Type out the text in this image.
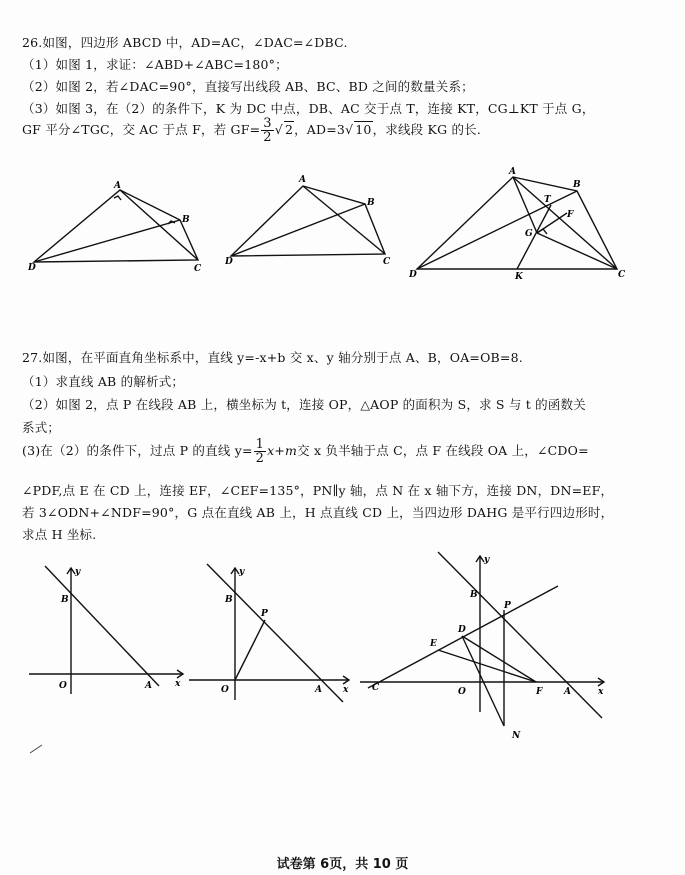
26.如图，四边形 ABCD 中，AD=AC，∠DAC=∠DBC.
（1）如图 1，求证：∠ABD+∠ABC=180°；
（2）如图 2，若∠DAC=90°，直接写出线段 AB、BC、BD 之间的数量关系；
（3）如图 3，在（2）的条件下，K 为 DC 中点，DB、AC 交于点 T，连接 KT，CG⊥KT 于点 G，
GF 平分∠TGC，交 AC 于点 F，若 $GF= \frac{3}{2}$ √ 2，AD=3√ 10，求线段 KG 的长.
A
B
C
D
A
B
C
D
A
B
C
D
T
F
G
K
27.如图，在平面直角坐标系中，直线 y=-x+b 交 x、y 轴分别于点 A、B，OA=OB=8.
（1）求直线 AB 的解析式；
（2）如图 2，点 P 在线段 AB 上，横坐标为 t，连接 OP，△AOP 的面积为 S，求 S 与 t 的函数关
系式；
(3)在（2）的条件下，过点 P 的直线 $y= \frac{1}{2} x+m$交 x 负半轴于点 C，点 F 在线段 OA 上，∠CDO=
∠PDF,点 E 在 CD 上，连接 EF，∠CEF=135°，PN∥y 轴，点 N 在 x 轴下方，连接 DN，DN=EF，
若 3∠ODN+∠NDF=90°，G 点在直线 AB 上，H 点直线 CD 上，当四边形 DAHG 是平行四边形时，
求点 H 坐标.
y
B
O	A	x
y
B
P
O	A x
y
B
P
D
E
C	O	F A	x
N
试卷第 6页，共 10 页
